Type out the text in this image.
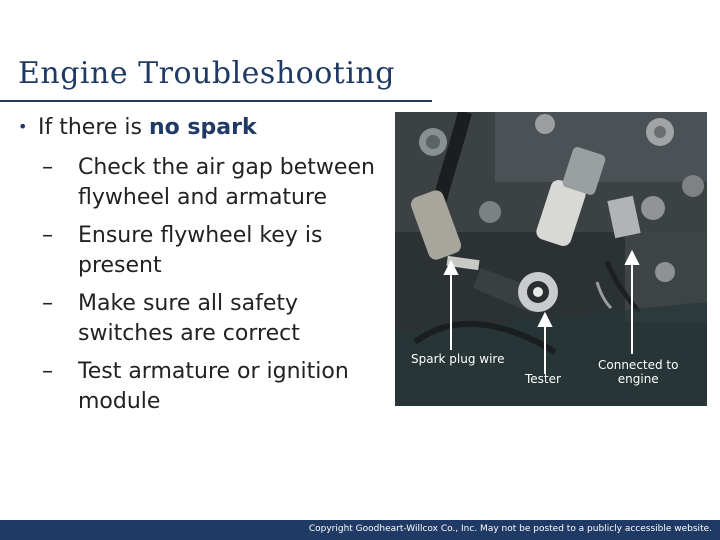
Engine Troubleshooting
• If there is no spark
– Check the air gap between flywheel and armature
– Ensure flywheel key is present
– Make sure all safety switches are correct
– Test armature or ignition module
Spark plug wire
Tester
Connected to
engine
Copyright Goodheart-Willcox Co., Inc. May not be posted to a publicly accessible website.
